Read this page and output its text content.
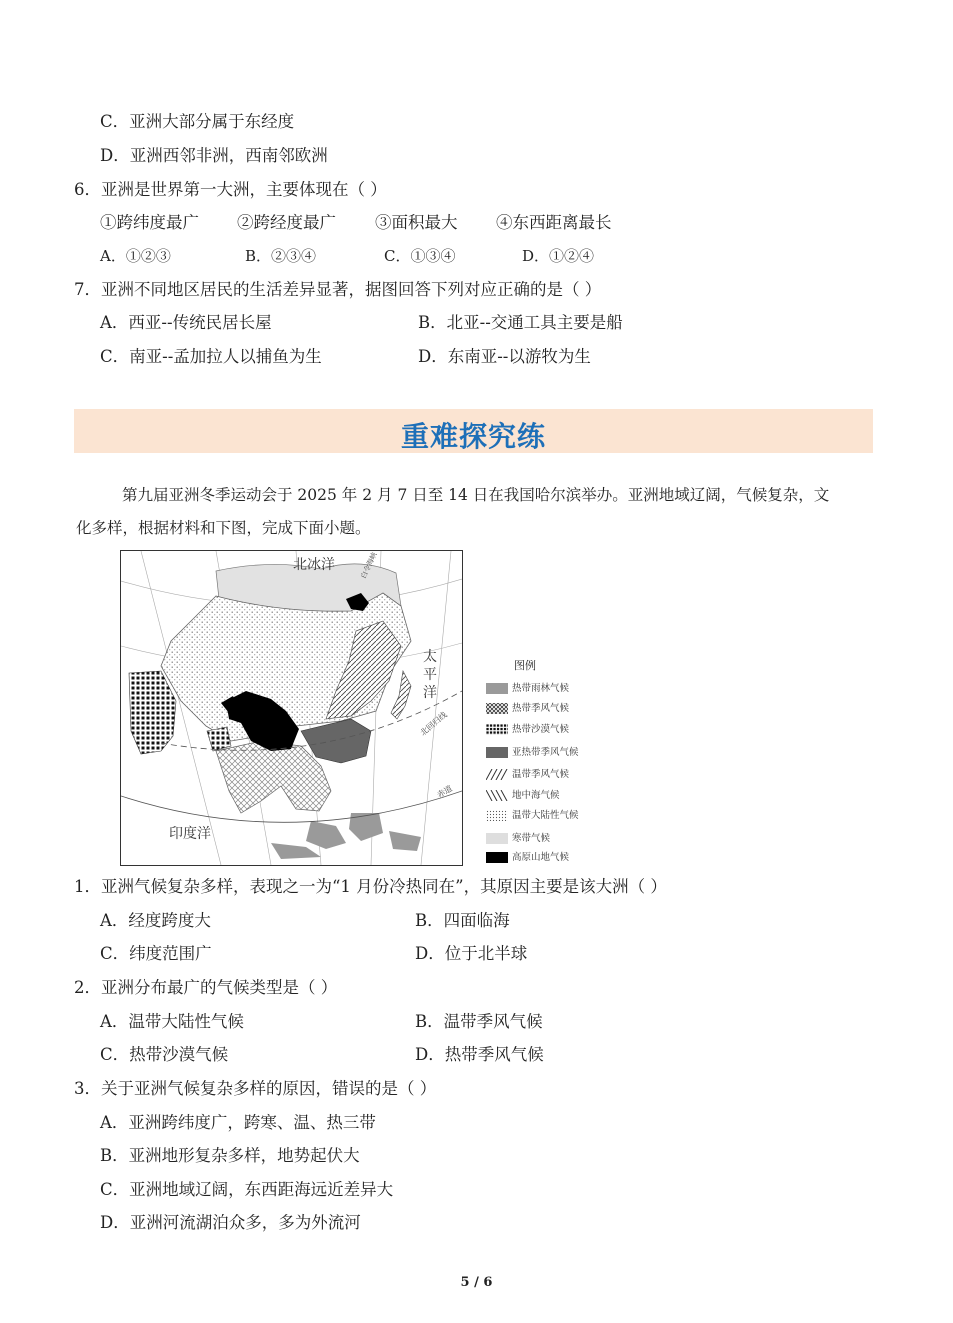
C．亚洲大部分属于东经度
D．亚洲西邻非洲，西南邻欧洲
6．亚洲是世界第一大洲，主要体现在（ ）
①跨纬度最广 ②跨经度最广 ③面积最大 ④东西距离最长
A．①②③	B．②③④	C．①③④	D．①②④
7．亚洲不同地区居民的生活差异显著，据图回答下列对应正确的是（ ）
A．西亚--传统民居长屋	B．北亚--交通工具主要是船
C．南亚--孟加拉人以捕鱼为生	D．东南亚--以游牧为生
重难探究练
第九届亚洲冬季运动会于 2025 年 2 月 7 日至 14 日在我国哈尔滨举办。亚洲地域辽阔，气候复杂，文
化多样，根据材料和下图，完成下面小题。
北冰洋
太
平
洋
印度洋
北回归线
赤道
白令海峡
图例
热带雨林气候
热带季风气候
热带沙漠气候
亚热带季风气候
温带季风气候
地中海气候
温带大陆性气候
寒带气候
高原山地气候
1．亚洲气候复杂多样，表现之一为“1 月份冷热同在”，其原因主要是该大洲（ ）
A．经度跨度大	B．四面临海
C．纬度范围广	D．位于北半球
2．亚洲分布最广的气候类型是（ ）
A．温带大陆性气候	B．温带季风气候
C．热带沙漠气候	D．热带季风气候
3．关于亚洲气候复杂多样的原因，错误的是（ ）
A．亚洲跨纬度广，跨寒、温、热三带
B．亚洲地形复杂多样，地势起伏大
C．亚洲地域辽阔，东西距海远近差异大
D．亚洲河流湖泊众多，多为外流河
5 / 6
